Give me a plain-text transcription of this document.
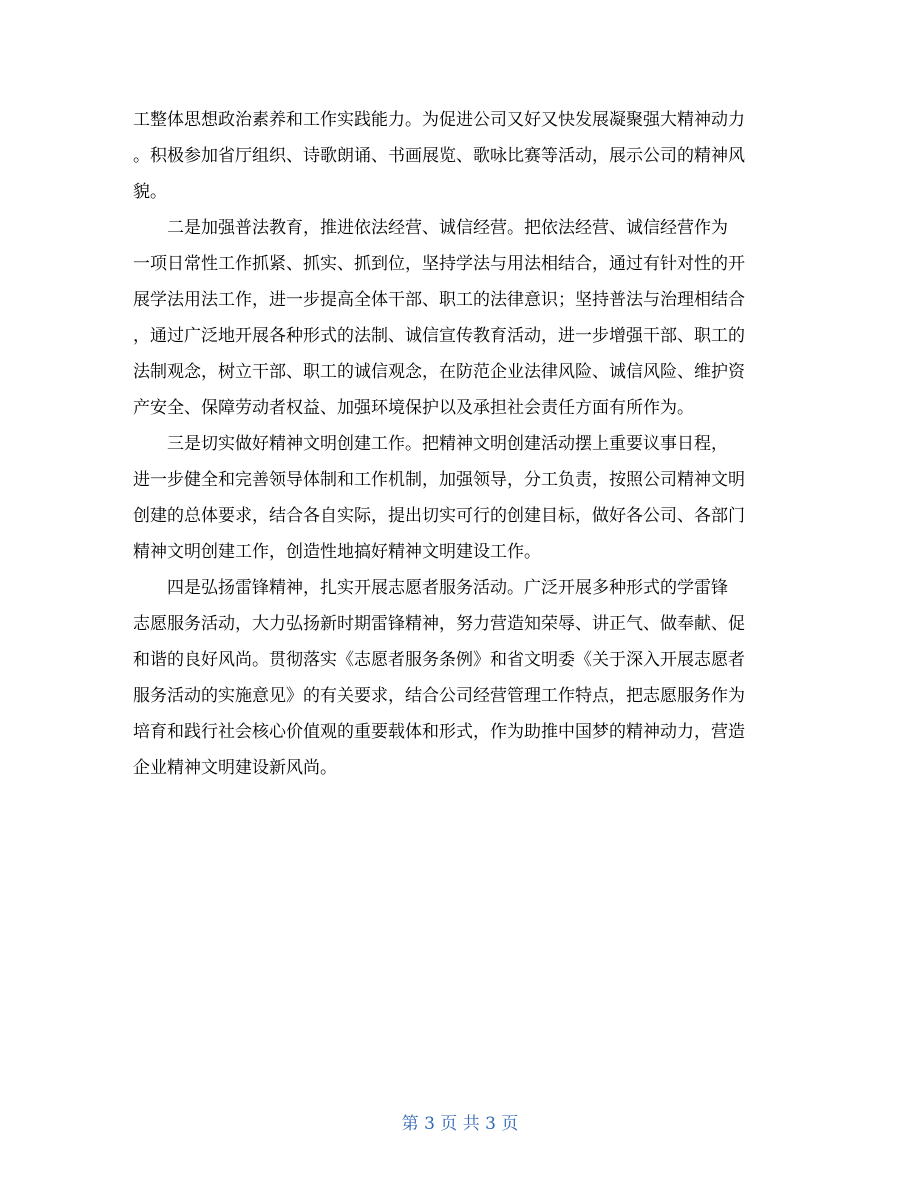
工整体思想政治素养和工作实践能力。为促进公司又好又快发展凝聚强大精神动力
。积极参加省厅组织、诗歌朗诵、书画展览、歌咏比赛等活动，展示公司的精神风
貌。
　　二是加强普法教育，推进依法经营、诚信经营。把依法经营、诚信经营作为
一项日常性工作抓紧、抓实、抓到位，坚持学法与用法相结合，通过有针对性的开
展学法用法工作，进一步提高全体干部、职工的法律意识；坚持普法与治理相结合
，通过广泛地开展各种形式的法制、诚信宣传教育活动，进一步增强干部、职工的
法制观念，树立干部、职工的诚信观念，在防范企业法律风险、诚信风险、维护资
产安全、保障劳动者权益、加强环境保护以及承担社会责任方面有所作为。
　　三是切实做好精神文明创建工作。把精神文明创建活动摆上重要议事日程，
进一步健全和完善领导体制和工作机制，加强领导，分工负责，按照公司精神文明
创建的总体要求，结合各自实际，提出切实可行的创建目标，做好各公司、各部门
精神文明创建工作，创造性地搞好精神文明建设工作。
　　四是弘扬雷锋精神，扎实开展志愿者服务活动。广泛开展多种形式的学雷锋
志愿服务活动，大力弘扬新时期雷锋精神，努力营造知荣辱、讲正气、做奉献、促
和谐的良好风尚。贯彻落实《志愿者服务条例》和省文明委《关于深入开展志愿者
服务活动的实施意见》的有关要求，结合公司经营管理工作特点，把志愿服务作为
培育和践行社会核心价值观的重要载体和形式，作为助推中国梦的精神动力，营造
企业精神文明建设新风尚。
第 3 页 共 3 页
